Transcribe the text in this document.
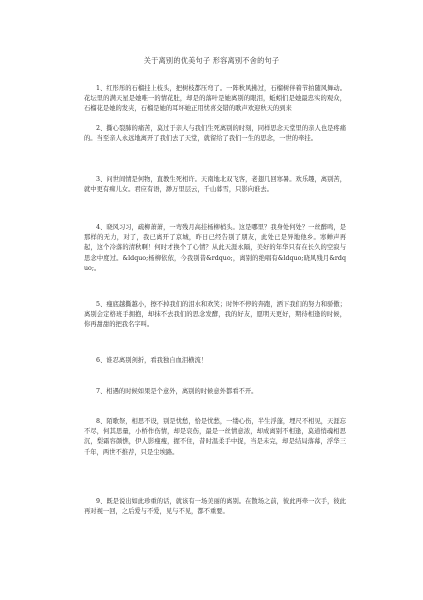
关于离别的优美句子 形容离别不舍的句子
1、红彤彤的石榴挂上枝头，把树枝都压弯了。一阵秋风拂过，石榴树伴着节拍随风舞动。花坛里的满天星是她唯一的情花肚，却是的落叶是她离别的眼泪，蚯蚓们是她最忠实的观众，石榴花是她的发夹，石榴是她的耳坏她正用忧喜交错的歌声欢迎秋天的到来
2、撕心裂肺的痛苦，莫过于亲人与我们生死离别的时刻，同样思念天堂里的亲人也是疼痛的。当至亲人永远地离开了我们去了天堂，就留给了我们一生的思念，一世的牵挂。
3、问世间情是何物，直教生死相许。天南地北双飞客，老翅几回寒暑。欢乐趣，离别苦，就中更有痴儿女。君应有语，渺万里层云，千山暮雪，只影向谁去。
4、晓风习习，疏柳萧萧，一弯残月高挂杨柳梢头。这是哪里？我身处何处？一丝醉鸣，是那样的无力，对了，我已离开了京城，昨日已经告别了朋友，此处已是异地他乡。寒蝉声再起，这个冷落的清秋啊！何时才换个了心情？从此天涯永隔，美好的年华只有在长久的空寂与思念中度过。&ldquo;杨柳依依，今我别昔&rdquo;，离别的绝唱有&ldquo;晓风残月&rdquo;。
5、瘦底越撕越小，擦不掉我们的泪水和欢笑；时钟不停的奔跑，洒下我们的努力和骄傲；离别会定格班手拥抱，却抹不去我们的思念发酵，我的好友，愿明天更好，期待相逢的时候，你再甜甜的把我名字叫。
6、谁忍离别剑折，看我独自血泪横流！
7、相遇的时候如果是个意外，离别的时候意外都看不开。
8、陌歌祭，相思不设，别是忧愁，恰是忧愁，一缕心伤，半生浮蓬，埋尺不相见，天涯忘不尽，何其思量，小桥作伤情，却是哀伤，最是一丝情意浓，却成离别不相逢，莫道悄魂相思沉，梨霜容颜憔，伊人影瘦瘦，握不住，昔时温柔手中捉，当是未完，却是结局落幕，浮华三千年，两世不推荐，只是尘埃路。
9、既是说出如此珍重的话，就该有一场美丽的离别。在散场之前，彼此再牵一次手，彼此再对视一回，之后爱与不爱，见与不见，都不重要。
